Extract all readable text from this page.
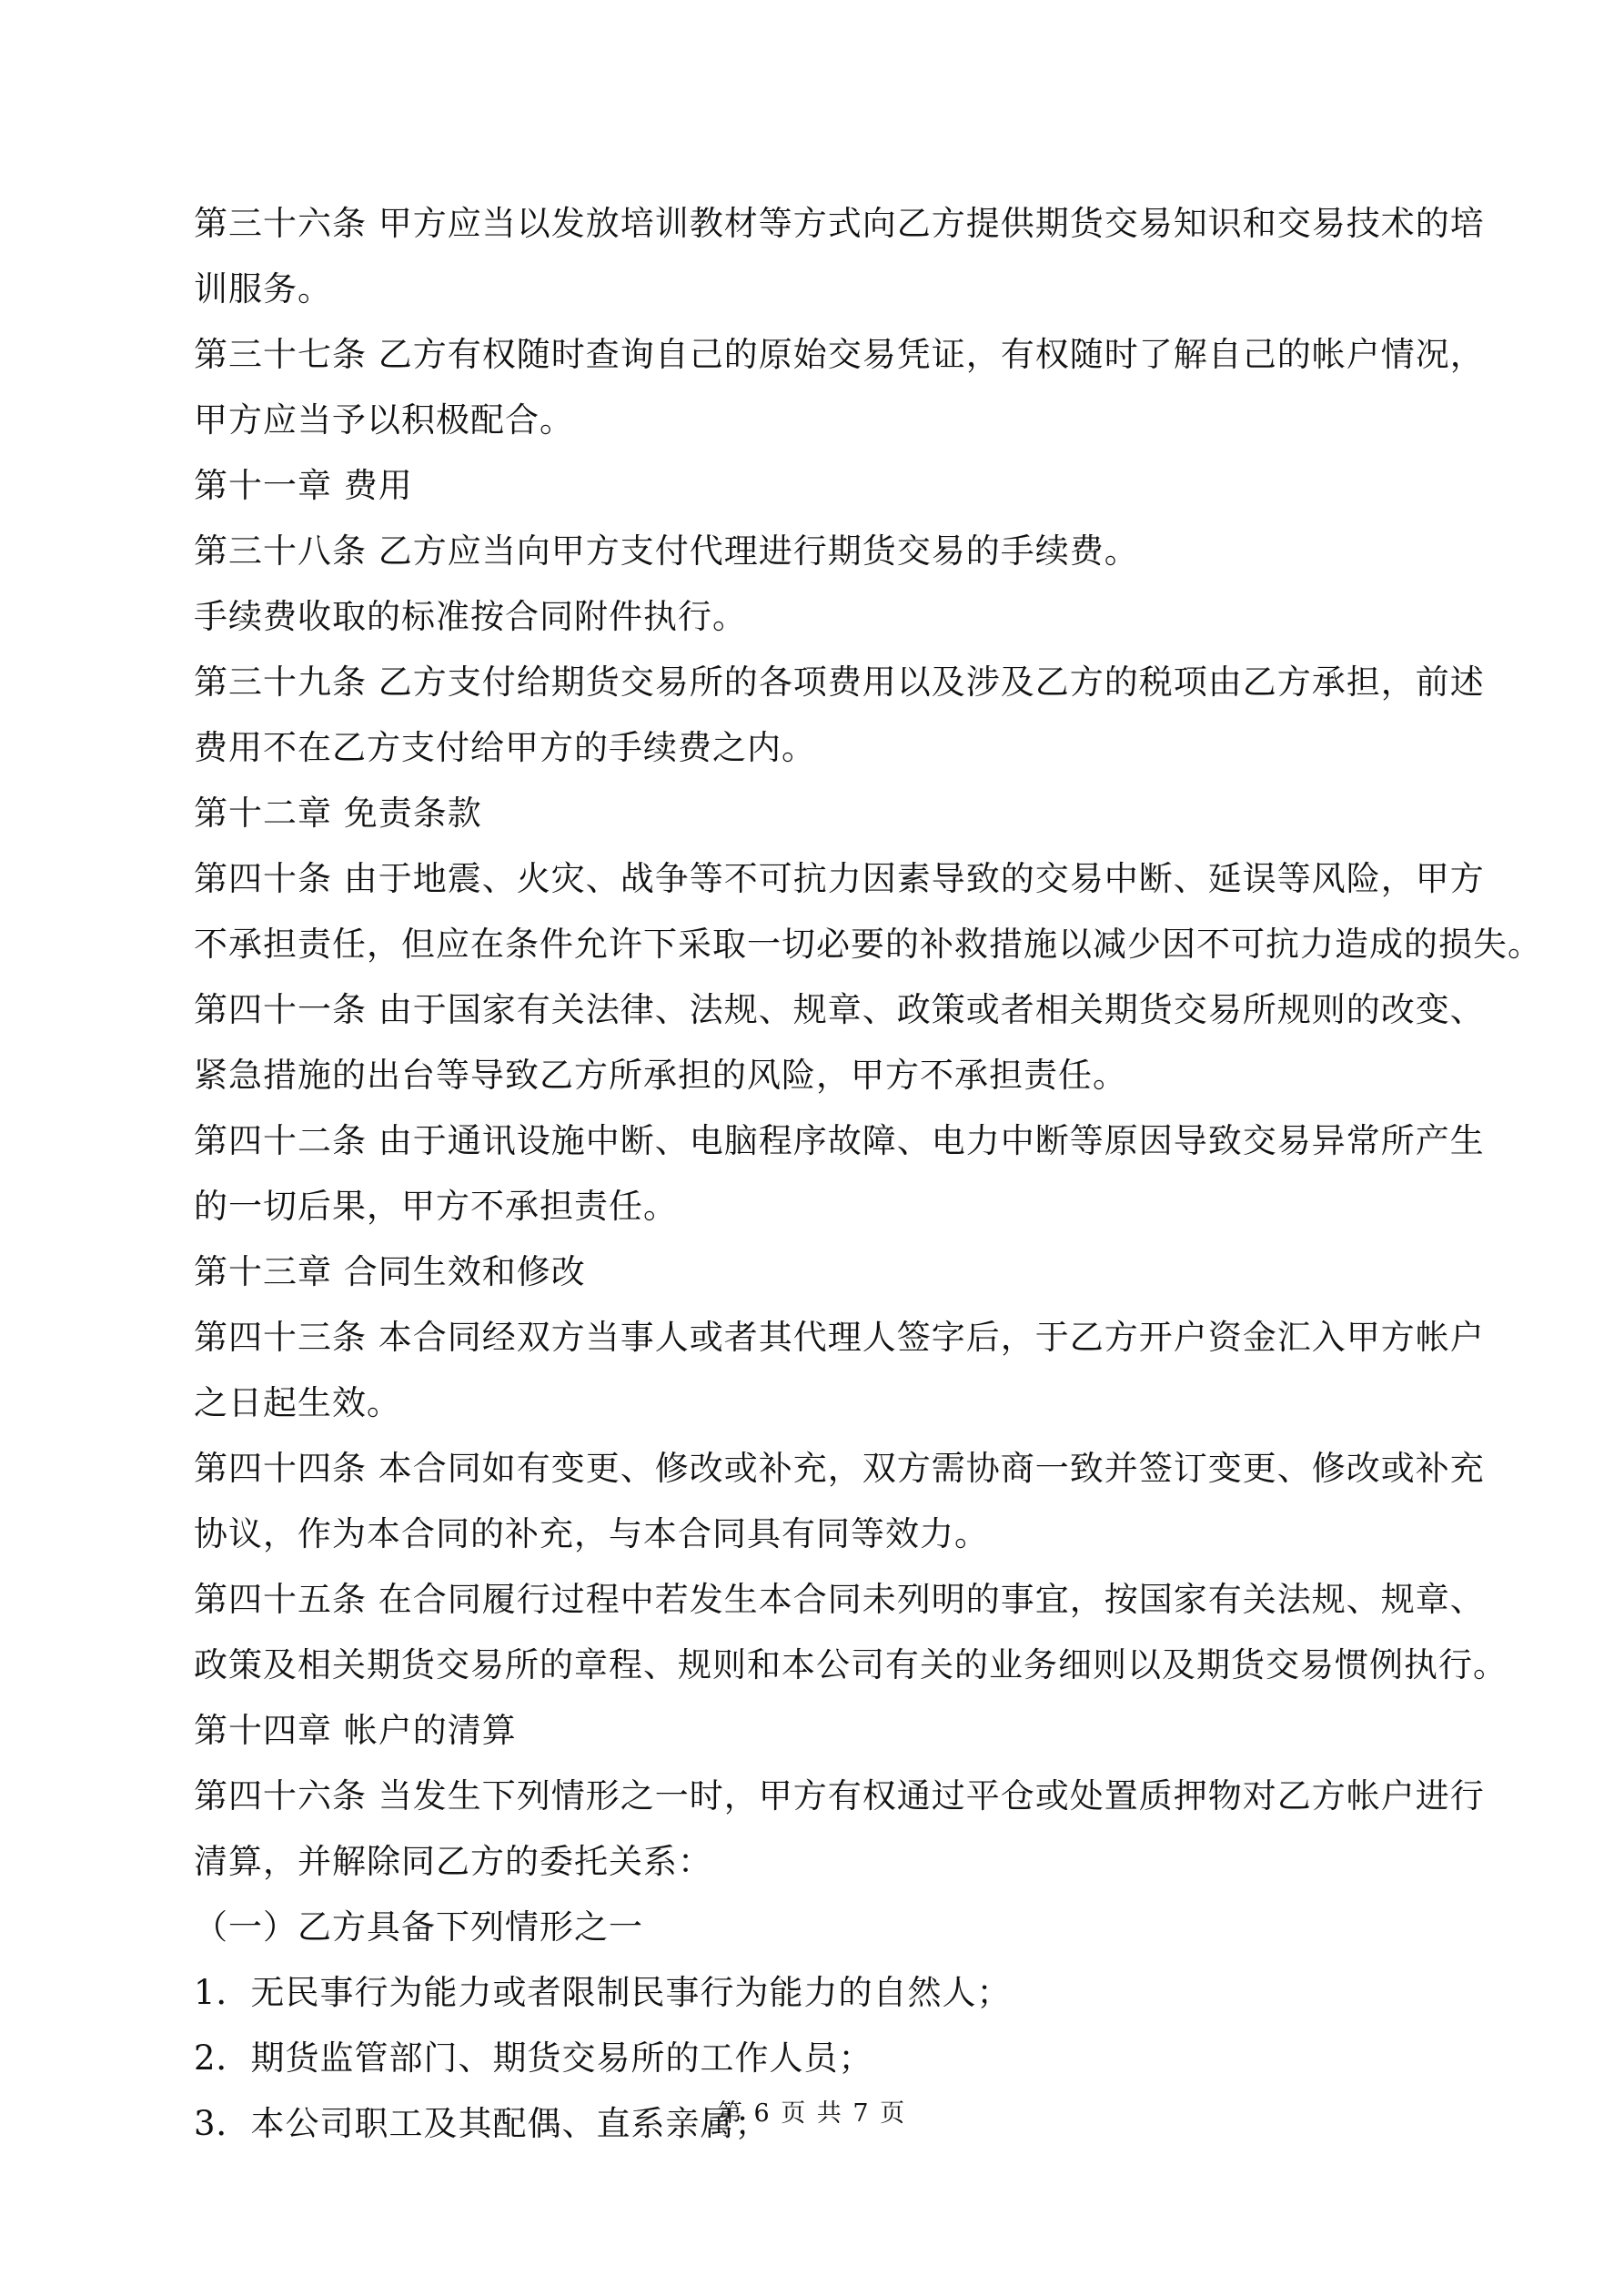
第三十六条 甲方应当以发放培训教材等方式向乙方提供期货交易知识和交易技术的培
训服务。
第三十七条 乙方有权随时查询自己的原始交易凭证，有权随时了解自己的帐户情况，
甲方应当予以积极配合。
第十一章 费用
第三十八条 乙方应当向甲方支付代理进行期货交易的手续费。
手续费收取的标准按合同附件执行。
第三十九条 乙方支付给期货交易所的各项费用以及涉及乙方的税项由乙方承担，前述
费用不在乙方支付给甲方的手续费之内。
第十二章 免责条款
第四十条 由于地震、火灾、战争等不可抗力因素导致的交易中断、延误等风险，甲方
不承担责任，但应在条件允许下采取一切必要的补救措施以减少因不可抗力造成的损失。
第四十一条 由于国家有关法律、法规、规章、政策或者相关期货交易所规则的改变、
紧急措施的出台等导致乙方所承担的风险，甲方不承担责任。
第四十二条 由于通讯设施中断、电脑程序故障、电力中断等原因导致交易异常所产生
的一切后果，甲方不承担责任。
第十三章 合同生效和修改
第四十三条 本合同经双方当事人或者其代理人签字后，于乙方开户资金汇入甲方帐户
之日起生效。
第四十四条 本合同如有变更、修改或补充，双方需协商一致并签订变更、修改或补充
协议，作为本合同的补充，与本合同具有同等效力。
第四十五条 在合同履行过程中若发生本合同未列明的事宜，按国家有关法规、规章、
政策及相关期货交易所的章程、规则和本公司有关的业务细则以及期货交易惯例执行。
第十四章 帐户的清算
第四十六条 当发生下列情形之一时，甲方有权通过平仓或处置质押物对乙方帐户进行
清算，并解除同乙方的委托关系：
（一）乙方具备下列情形之一
1．无民事行为能力或者限制民事行为能力的自然人；
2．期货监管部门、期货交易所的工作人员；
3．本公司职工及其配偶、直系亲属；
第 6 页 共 7 页
